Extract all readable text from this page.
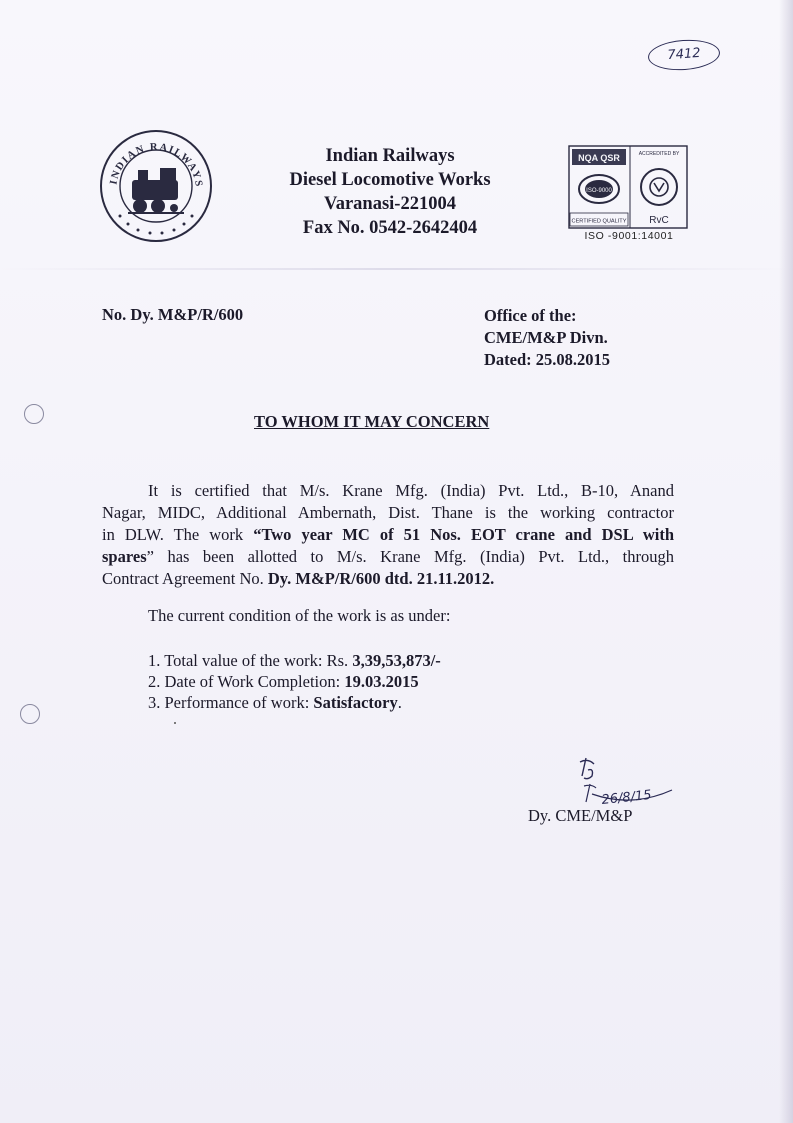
7412
INDIAN RAILWAYS
Indian Railways
Diesel Locomotive Works
Varanasi-221004
Fax No. 0542-2642404
NQA QSR
ISO-9000
CERTIFIED QUALITY
ACCREDITED BY
RvC
ISO -9001:14001
No. Dy. M&P/R/600	Office of the:
CME/M&P Divn.
Dated: 25.08.2015
TO WHOM IT MAY CONCERN
It is certified that M/s. Krane Mfg. (India) Pvt. Ltd., B-10, Anand
Nagar, MIDC, Additional Ambernath, Dist. Thane is the working contractor
in DLW. The work “Two year MC of 51 Nos. EOT crane and DSL with
spares” has been allotted to M/s. Krane Mfg. (India) Pvt. Ltd., through
Contract Agreement No. Dy. M&P/R/600 dtd. 21.11.2012.
The current condition of the work is as under:
1. Total value of the work: Rs. 3,39,53,873/-
2. Date of Work Completion: 19.03.2015
3. Performance of work: Satisfactory.
26/8/15
Dy. CME/M&P
